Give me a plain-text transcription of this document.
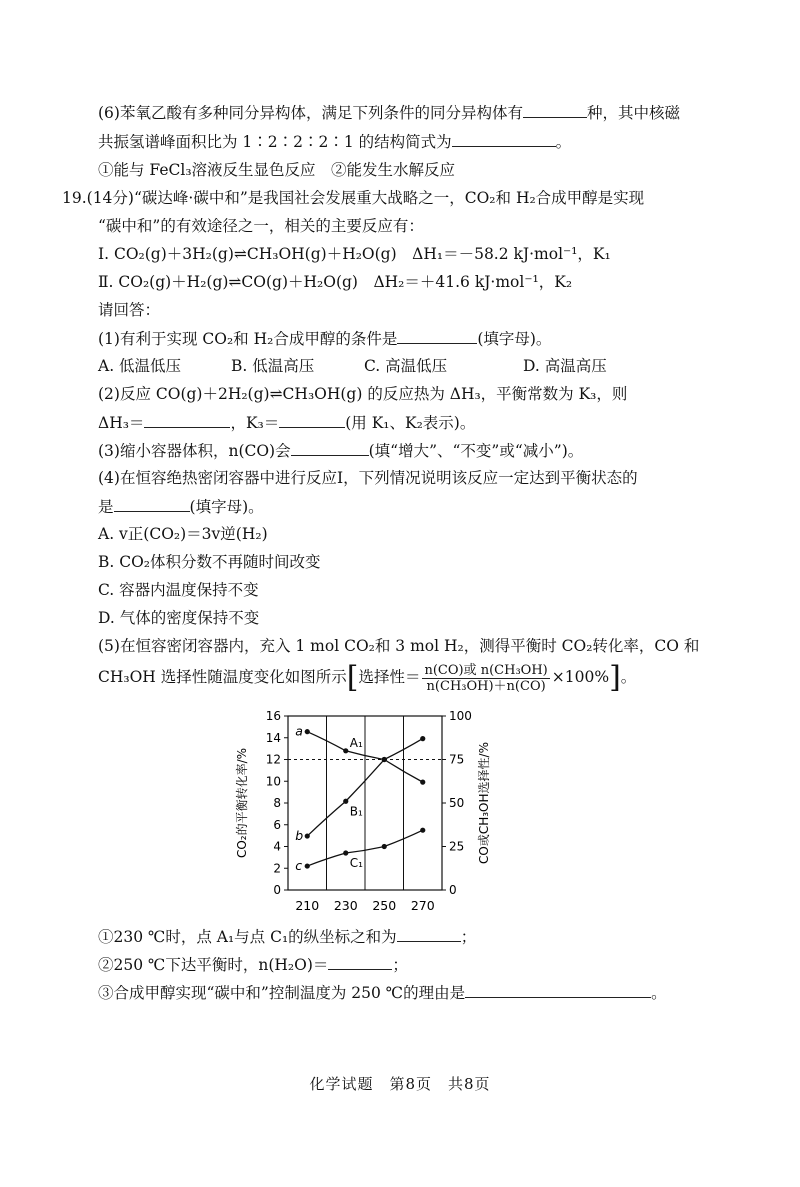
(6)苯氧乙酸有多种同分异构体，满足下列条件的同分异构体有	种，其中核磁
共振氢谱峰面积比为 1∶2∶2∶2∶1 的结构简式为	。
①能与 FeCl₃溶液反生显色反应　②能发生水解反应
19.(14分)“碳达峰·碳中和”是我国社会发展重大战略之一，CO₂和 H₂合成甲醇是实现
“碳中和”的有效途径之一，相关的主要反应有：
Ⅰ. CO₂(g)＋3H₂(g)⇌CH₃OH(g)＋H₂O(g)　ΔH₁＝－58.2 kJ·mol⁻¹，K₁
Ⅱ. CO₂(g)＋H₂(g)⇌CO(g)＋H₂O(g)　ΔH₂＝＋41.6 kJ·mol⁻¹，K₂
请回答：
(1)有利于实现 CO₂和 H₂合成甲醇的条件是	(填字母)。
A. 低温低压	B. 低温高压	C. 高温低压	D. 高温高压
(2)反应 CO(g)＋2H₂(g)⇌CH₃OH(g) 的反应热为 ΔH₃，平衡常数为 K₃，则
ΔH₃＝	，K₃＝	(用 K₁、K₂表示)。
(3)缩小容器体积，n(CO)会	(填“增大”、“不变”或“减小”)。
(4)在恒容绝热密闭容器中进行反应Ⅰ，下列情况说明该反应一定达到平衡状态的
是	(填字母)。
A. v正(CO₂)＝3v逆(H₂)
B. CO₂体积分数不再随时间改变
C. 容器内温度保持不变
D. 气体的密度保持不变
(5)在恒容密闭容器内，充入 1 mol CO₂和 3 mol H₂，测得平衡时 CO₂转化率，CO 和
CH₃OH 选择性随温度变化如图所示[选择性＝ $\frac{\text{n(CO)或 n(CH₃OH)}}{\text{n(CH₃OH)＋n(CO)}} \times 100\%$]。
0
2
4
6
8
10
12
14
16
0
25
50
75
100
210 230 250 270
CO₂的平衡转化率/%	CO或CH₃OH选择性/%
a
b
c
A₁
B₁
C₁
①230 ℃时，点 A₁与点 C₁的纵坐标之和为	；
②250 ℃下达平衡时，n(H₂O)＝	；
③合成甲醇实现“碳中和”控制温度为 250 ℃的理由是	。
化学试题　第8页　共8页
